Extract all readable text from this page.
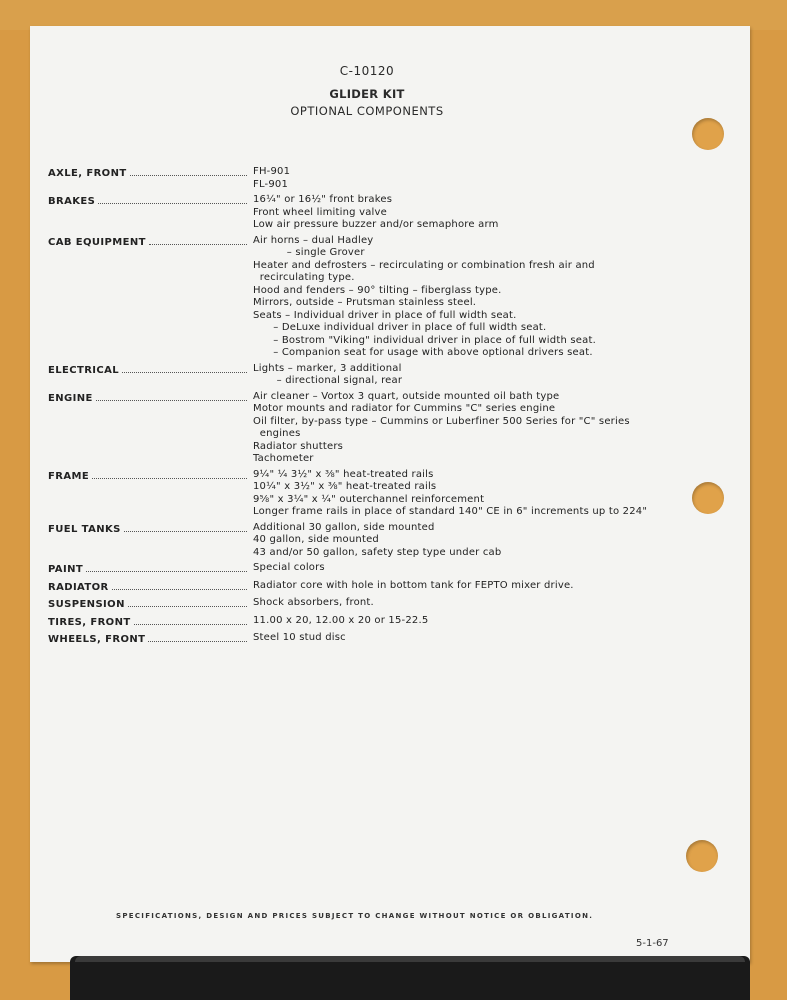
C-10120
GLIDER KIT
OPTIONAL COMPONENTS
AXLE, FRONT	FH-901
FL-901
BRAKES	16¼" or 16½" front brakes
Front wheel limiting valve
Low air pressure buzzer and/or semaphore arm
CAB EQUIPMENT	Air horns – dual Hadley
– single Grover
Heater and defrosters – recirculating or combination fresh air and
recirculating type.
Hood and fenders – 90° tilting – fiberglass type.
Mirrors, outside – Prutsman stainless steel.
Seats – Individual driver in place of full width seat.
– DeLuxe individual driver in place of full width seat.
– Bostrom "Viking" individual driver in place of full width seat.
– Companion seat for usage with above optional drivers seat.
ELECTRICAL	Lights – marker, 3 additional
– directional signal, rear
ENGINE	Air cleaner – Vortox 3 quart, outside mounted oil bath type
Motor mounts and radiator for Cummins "C" series engine
Oil filter, by-pass type – Cummins or Luberfiner 500 Series for "C" series
engines
Radiator shutters
Tachometer
FRAME	9¼" ¼ 3½" x ⅜" heat-treated rails
10¼" x 3½" x ⅜" heat-treated rails
9⅝" x 3¼" x ¼" outerchannel reinforcement
Longer frame rails in place of standard 140" CE in 6" increments up to 224"
FUEL TANKS	Additional 30 gallon, side mounted
40 gallon, side mounted
43 and/or 50 gallon, safety step type under cab
PAINT	Special colors
RADIATOR	Radiator core with hole in bottom tank for FEPTO mixer drive.
SUSPENSION	Shock absorbers, front.
TIRES, FRONT	11.00 x 20, 12.00 x 20 or 15-22.5
WHEELS, FRONT	Steel 10 stud disc
SPECIFICATIONS, DESIGN AND PRICES SUBJECT TO CHANGE WITHOUT NOTICE OR OBLIGATION.
5-1-67
